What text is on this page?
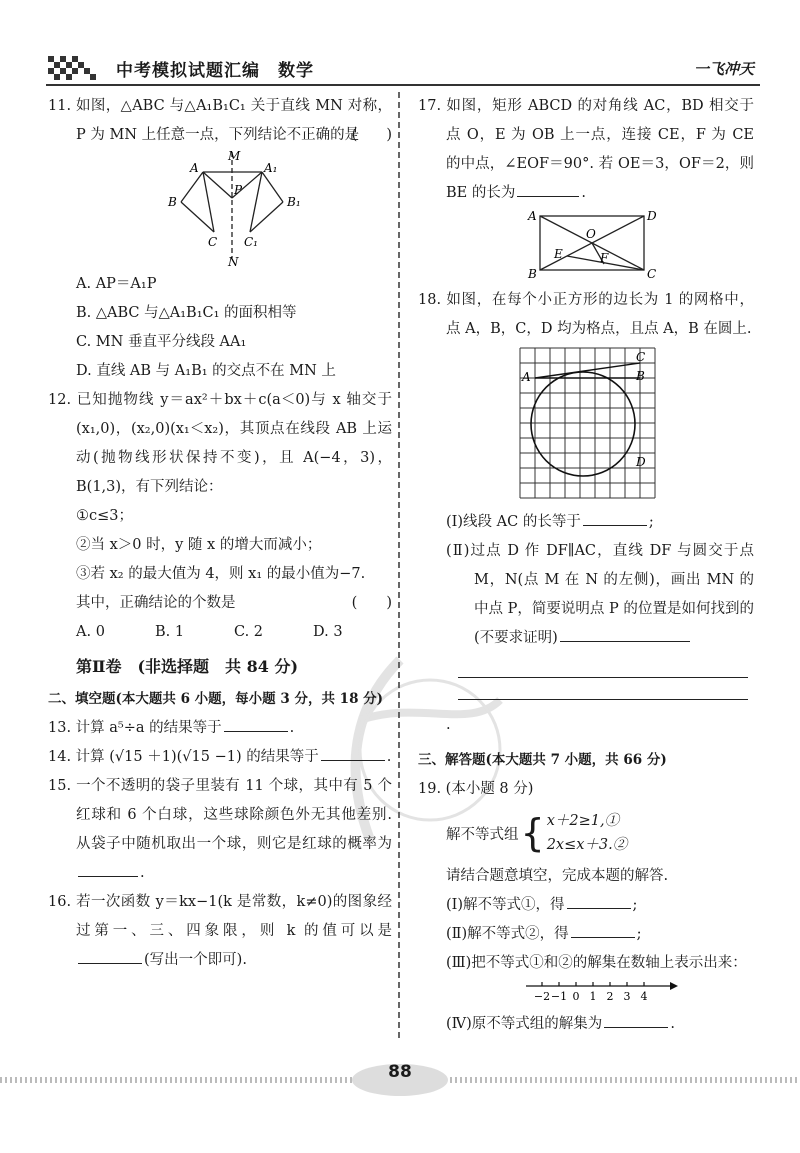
中考模拟试题汇编　数学	一飞冲天

11. 如图，△ABC 与△A₁B₁C₁ 关于直线 MN 对称，P 为 MN 上任意一点，下列结论不正确的是
(　　)

M
N
A	A₁
B	B₁
C C₁
P

A. AP＝A₁P

B. △ABC 与△A₁B₁C₁ 的面积相等

C. MN 垂直平分线段 AA₁

D. 直线 AB 与 A₁B₁ 的交点不在 MN 上

12. 已知抛物线 y＝ax²＋bx＋c(a＜0)与 x 轴交于(x₁,0)，(x₂,0)(x₁＜x₂)，其顶点在线段 AB 上运动(抛物线形状保持不变)，且 A(−4，3)，B(1,3)，有下列结论：

①c≤3；

②当 x＞0 时，y 随 x 的增大而减小；

③若 x₂ 的最大值为 4，则 x₁ 的最小值为−7.

其中，正确结论的个数是	(　　)

A. 0	B. 1	C. 2	D. 3

第Ⅱ卷　(非选择题　共 84 分)

二、填空题(本大题共 6 小题，每小题 3 分，共 18 分)

13. 计算 a⁵÷a 的结果等于	.

14. 计算 (√15 ＋1)(√15 −1) 的结果等于	.

15. 一个不透明的袋子里装有 11 个球，其中有 5 个红球和 6 个白球，这些球除颜色外无其他差别. 从袋子中随机取出一个球，则它是红球的概率为.

16. 若一次函数 y＝kx−1(k 是常数，k≠0)的图象经过第一、三、四象限，则 k 的值可以是(写出一个即可).

17. 如图，矩形 ABCD 的对角线 AC，BD 相交于点 O，E 为 OB 上一点，连接 CE，F 为 CE 的中点，∠EOF＝90°. 若 OE＝3，OF＝2，则 BE 的长为	.

A	D
B	C
O
E	F

18. 如图，在每个小正方形的边长为 1 的网格中，点 A，B，C，D 均为格点，且点 A，B 在圆上.

A	B
C
D

(Ⅰ)线段 AC 的长等于	;

(Ⅱ)过点 D 作 DF∥AC，直线 DF 与圆交于点 M，N(点 M 在 N 的左侧)，画出 MN 的中点 P，简要说明点 P 的位置是如何找到的(不要求证明)

.

三、解答题(本大题共 7 小题，共 66 分)

19. (本小题 8 分)

解不等式组 { x＋2≥1,①
2x≤x＋3.②

请结合题意填空，完成本题的解答.

(Ⅰ)解不等式①，得	;

(Ⅱ)解不等式②，得	;

(Ⅲ)把不等式①和②的解集在数轴上表示出来：

−2 −1 0 1 2 3 4

(Ⅳ)原不等式组的解集为	.

88
